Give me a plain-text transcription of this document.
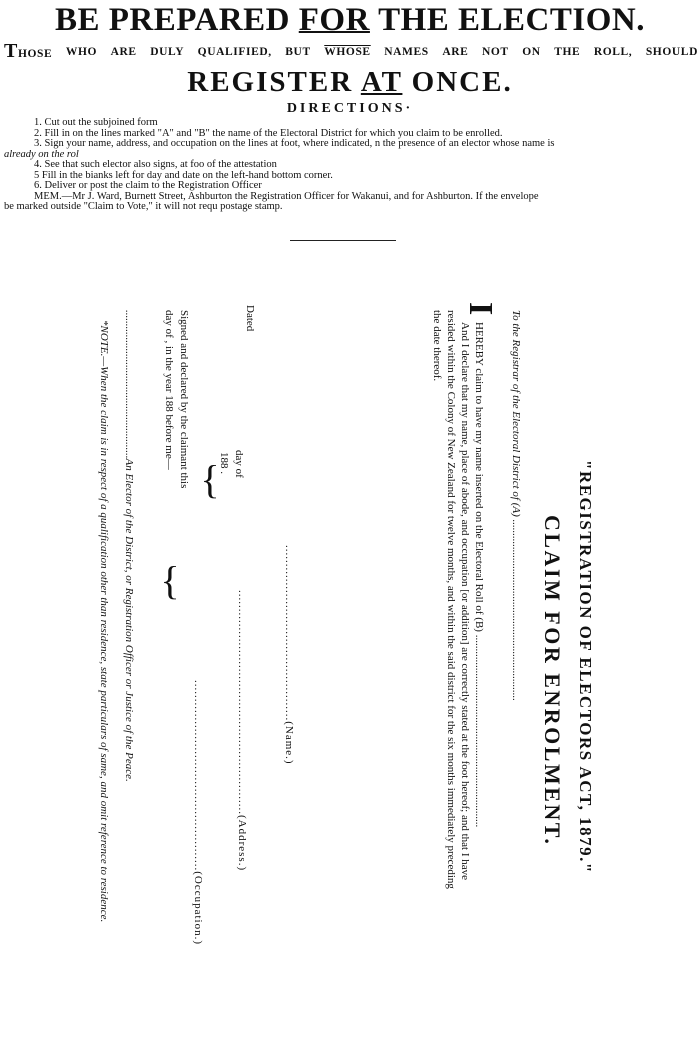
BE PREPARED FOR THE ELECTION.
THOSE WHO ARE DULY QUALIFIED, BUT WHOSE NAMES ARE NOT ON THE ROLL, SHOULD
REGISTER AT ONCE.
DIRECTIONS·
1. Cut out the subjoined form
2. Fill in on the lines marked "A" and "B" the name of the Electoral District for which you claim to be enrolled.
3. Sign your name, address, and occupation on the lines at foot, where indicated, n the presence of an elector whose name is
already on the rol
4. See that such elector also signs, at foo of the attestation
5 Fill in the bianks left for day and date on the left-hand bottom corner.
6. Deliver or post the claim to the Registration Officer
MEM.—Mr J. Ward, Burnett Street, Ashburton the Registration Officer for Wakanui, and for Ashburton. If the envelope
be marked outside "Claim to Vote," it will not requ postage stamp.
"REGISTRATION OF ELECTORS ACT, 1879."
CLAIM FOR ENROLMENT.
To the Registrar of the Electoral District of (A) ..................................................................
I
HEREBY claim to have my name inserted on the Electoral Roll of (B) ......................................................................
And I declare that my name, place of abode, and occupation [or addition] are correctly stated at the foot hereof; and that I have
resided within the Colony of New Zealand for twelve months, and within the said district for the six months immediately preceding
the date thereof.
...............................................(Name.)
............................................................(Address.)
...................................................(Occupation.)
Dated
day of
188 .
}
Signed and declared by the claimant this
day of , in the year 188 before me—
}
......................................................An Elector of the District, or Registration Officer or Justice of the Peace.
*NOTE.—When the claim is in respect of a qualification other than residence, state particulars of same, and omit reference to residence.
